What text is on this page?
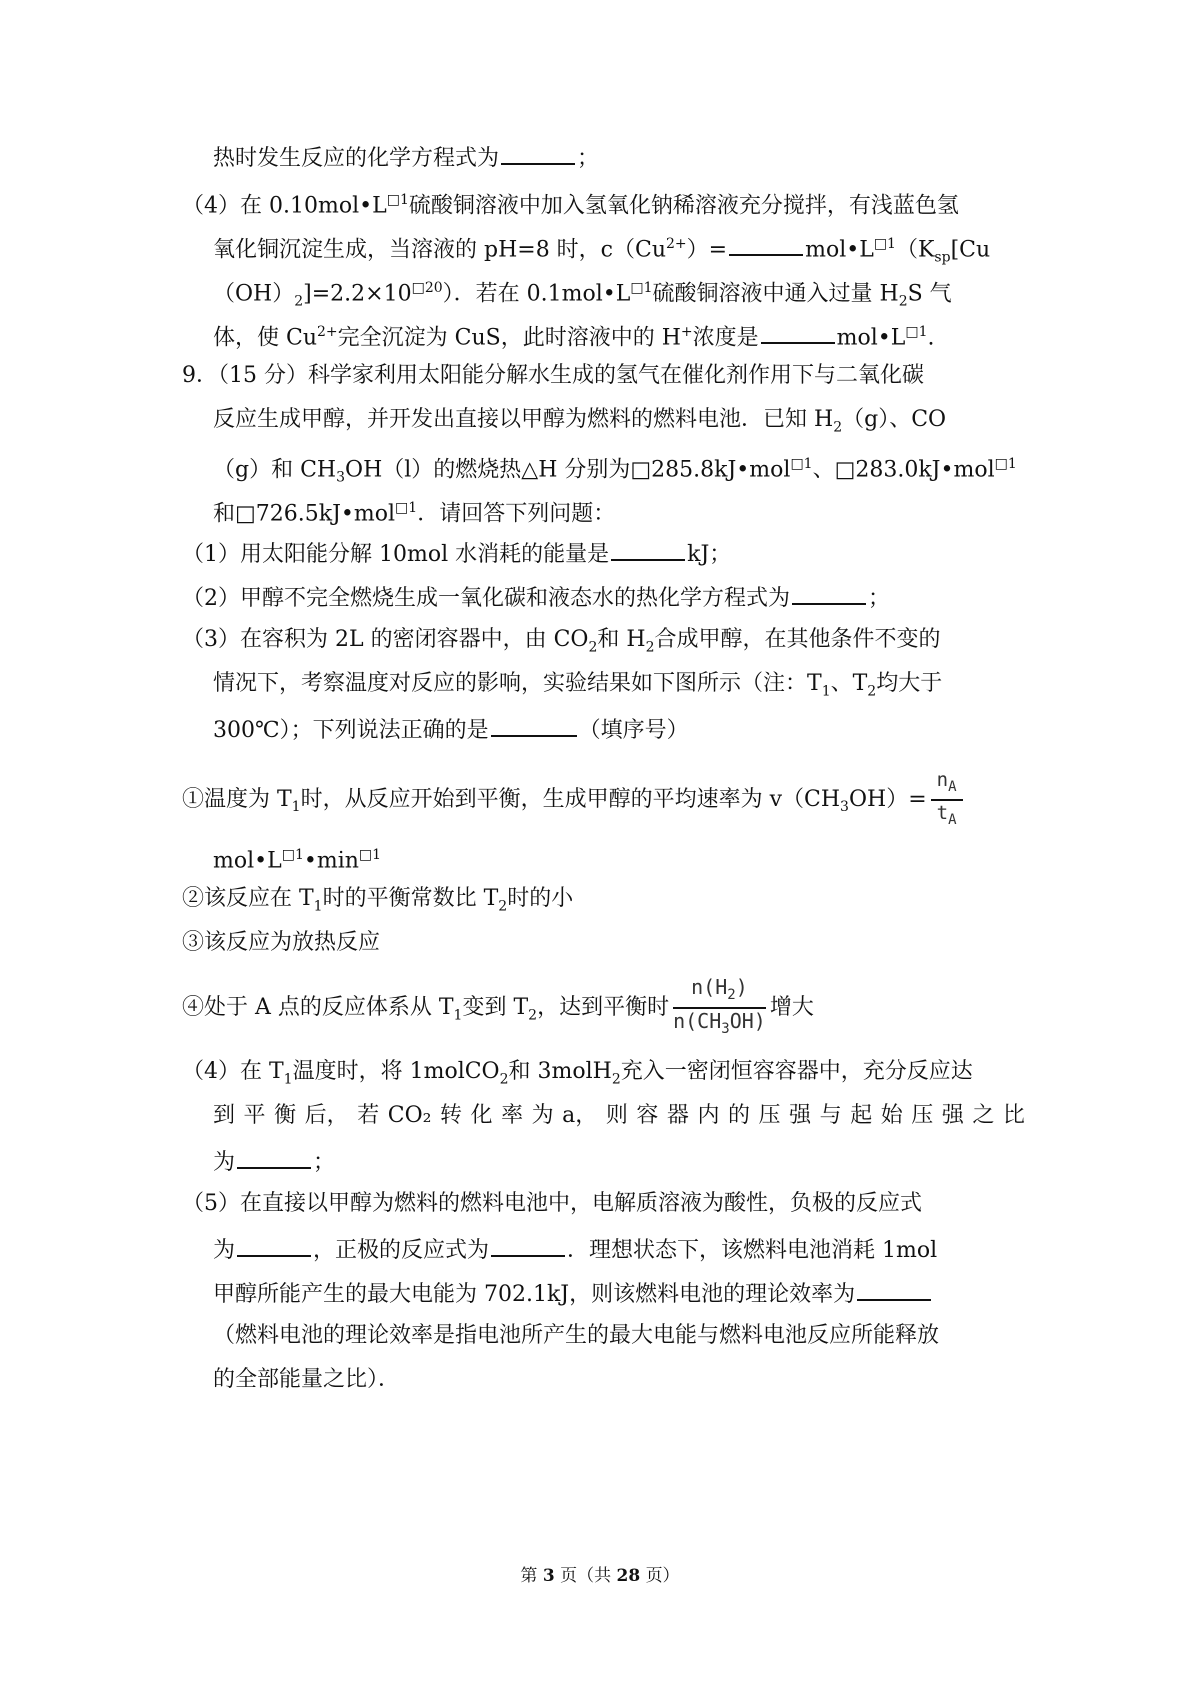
热时发生反应的化学方程式为	；
（4）在 $0.10mol•L^{□1}$硫酸铜溶液中加入氢氧化钠稀溶液充分搅拌，有浅蓝色氢
氧化铜沉淀生成，当溶液的 pH=8 时，$c(Cu^{2+})=$	$mol•L^{□1}(K_{sp}[Cu$
$(OH)_2]=2.2\times 10^{□20}$）．若在 $0.1mol•L^{□1}$硫酸铜溶液中通入过量 $H_2S$ 气
体，使 $Cu^{2+}$完全沉淀为 CuS，此时溶液中的 H+浓度是	$mol•L^{□1}$.
9．（15 分）科学家利用太阳能分解水生成的氢气在催化剂作用下与二氧化碳
反应生成甲醇，并开发出直接以甲醇为燃料的燃料电池．已知 $H_2(g)$、CO
（g）和 $CH_3OH(l)$的燃烧热△H 分别为□285.8kJ•mol$^{□1}$、□283.0kJ•mol$^{□1}$
和□726.5kJ•mol$^{□1}$．请回答下列问题：
（1）用太阳能分解 10mol 水消耗的能量是	kJ；
（2）甲醇不完全燃烧生成一氧化碳和液态水的热化学方程式为	；
（3）在容积为 2L 的密闭容器中，由 $CO_2$和 $H_2$合成甲醇，在其他条件不变的
情况下，考察温度对反应的影响，实验结果如下图所示（注：$T_1$、$T_2$均大于
300℃）；下列说法正确的是	（填序号）
①温度为 $T_1$时，从反应开始到平衡，生成甲醇的平均速率为 $v(CH_3OH)= \frac{n_A}{t_A}$
$mol•L^{□1}•\min^{□1}$
②该反应在 $T_1$时的平衡常数比 $T_2$时的小
③该反应为放热反应
④处于 A 点的反应体系从 $T_1$变到 $T_2$，达到平衡时 $\frac{n(H_2)}{n(CH_3OH)}$ 增大
（4）在 $T_1$温度时，将 1molCO$_2$和 3molH$_2$充入一密闭恒容容器中，充分反应达
到 平 衡 后， 若 CO₂ 转 化 率 为 a， 则 容 器 内 的 压 强 与 起 始 压 强 之 比
为	；
（5）在直接以甲醇为燃料的燃料电池中，电解质溶液为酸性，负极的反应式
为	，正极的反应式为	．理想状态下，该燃料电池消耗 1mol
甲醇所能产生的最大电能为 702.1kJ，则该燃料电池的理论效率为
（燃料电池的理论效率是指电池所产生的最大电能与燃料电池反应所能释放
的全部能量之比）．
第 3 页（共 28 页）
